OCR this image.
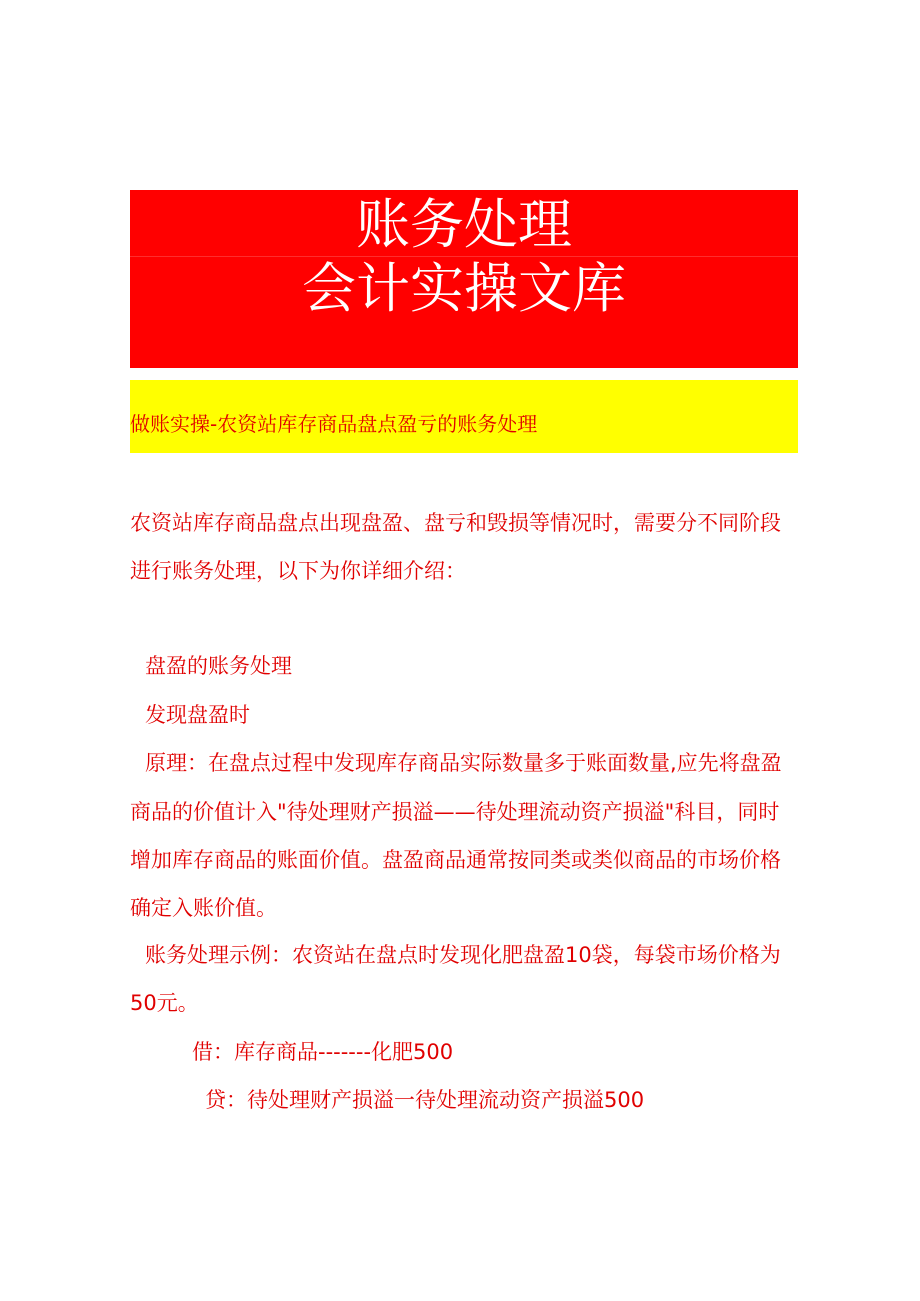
账务处理
会计实操文库
做账实操-农资站库存商品盘点盈亏的账务处理
农资站库存商品盘点出现盘盈、盘亏和毁损等情况时，需要分不同阶段
进行账务处理，以下为你详细介绍：
盘盈的账务处理
发现盘盈时
原理：在盘点过程中发现库存商品实际数量多于账面数量,应先将盘盈
商品的价值计入"待处理财产损溢——待处理流动资产损溢"科目，同时
增加库存商品的账面价值。盘盈商品通常按同类或类似商品的市场价格
确定入账价值。
账务处理示例：农资站在盘点时发现化肥盘盈10袋，每袋市场价格为
50元。
借：库存商品-------化肥500
贷：待处理财产损溢一待处理流动资产损溢500
